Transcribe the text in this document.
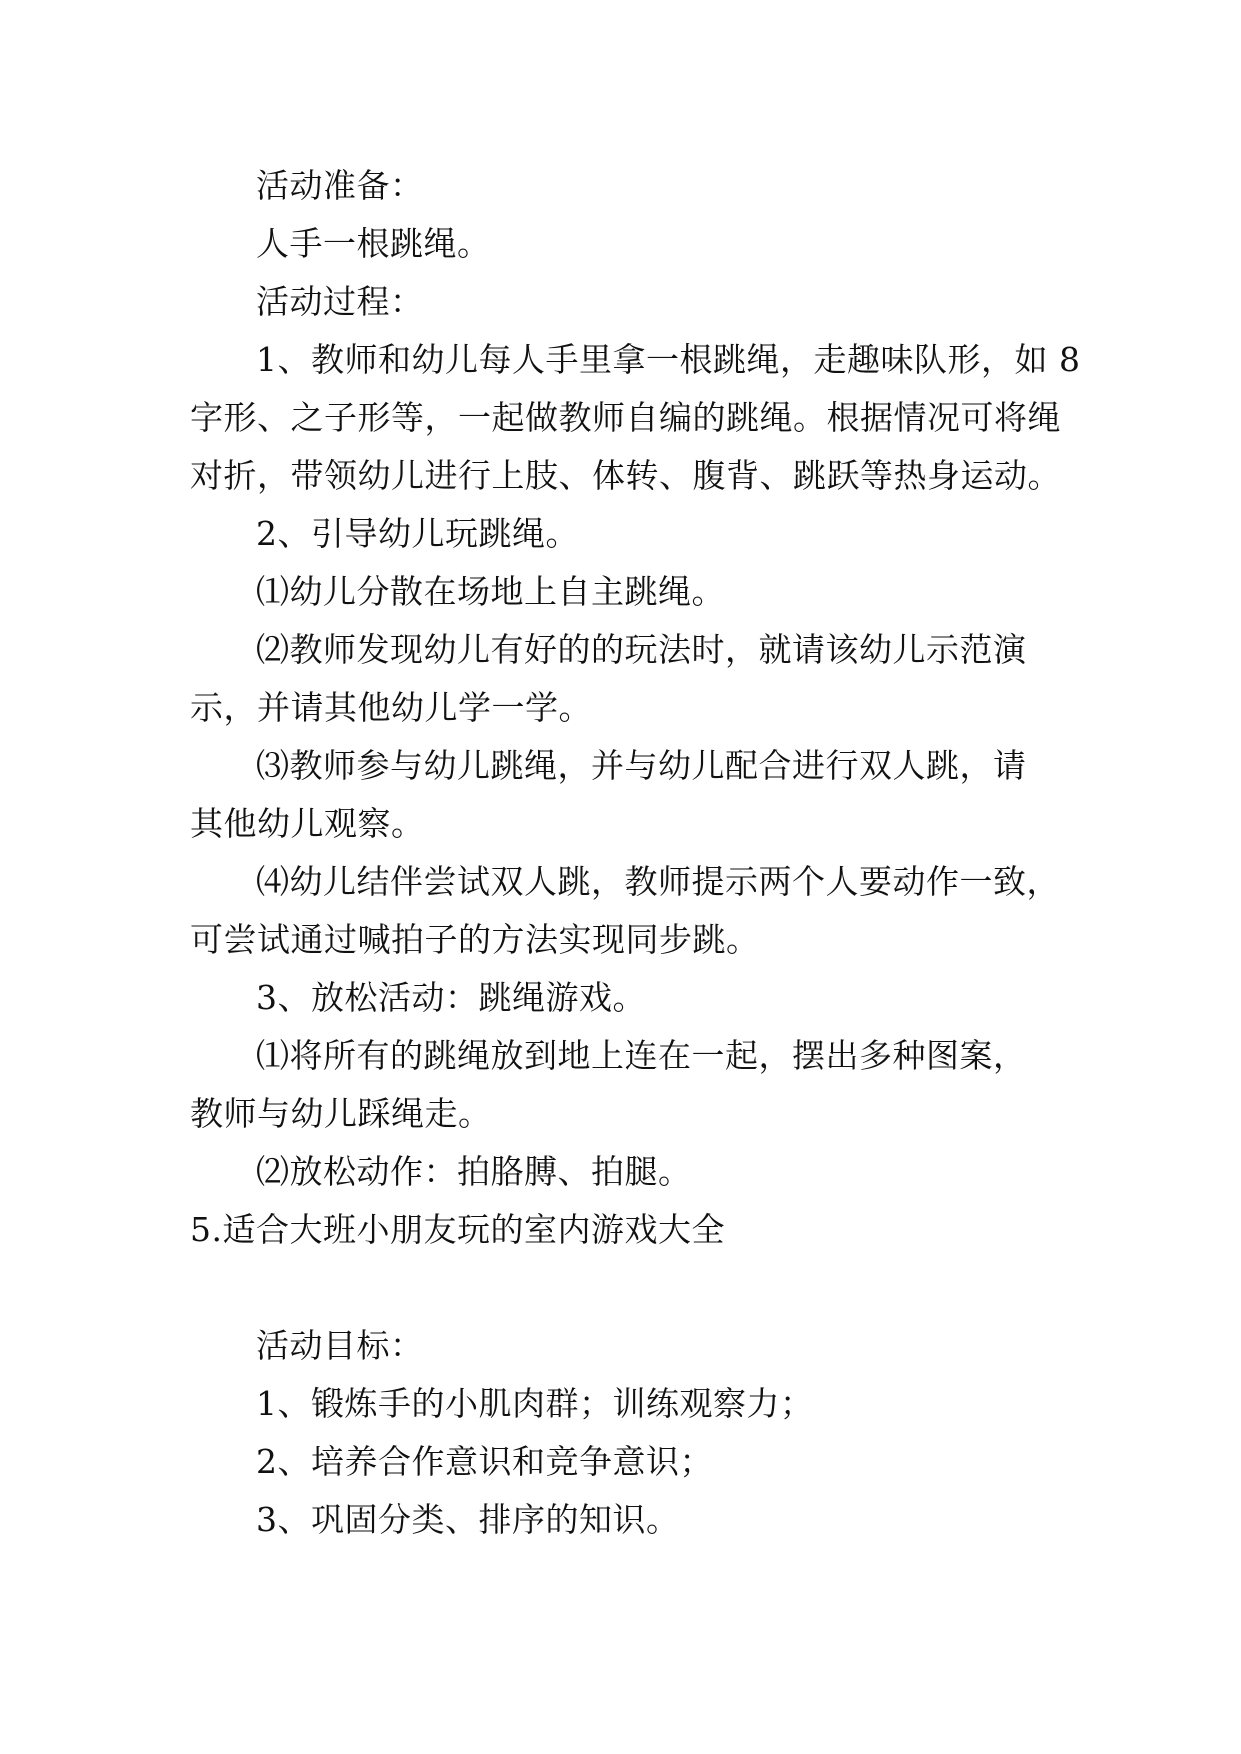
活动准备：
人手一根跳绳。
活动过程：
1、教师和幼儿每人手里拿一根跳绳，走趣味队形，如 8
字形、之子形等，一起做教师自编的跳绳。根据情况可将绳
对折，带领幼儿进行上肢、体转、腹背、跳跃等热身运动。
2、引导幼儿玩跳绳。
⑴幼儿分散在场地上自主跳绳。
⑵教师发现幼儿有好的的玩法时，就请该幼儿示范演
示，并请其他幼儿学一学。
⑶教师参与幼儿跳绳，并与幼儿配合进行双人跳，请
其他幼儿观察。
⑷幼儿结伴尝试双人跳，教师提示两个人要动作一致，
可尝试通过喊拍子的方法实现同步跳。
3、放松活动：跳绳游戏。
⑴将所有的跳绳放到地上连在一起，摆出多种图案，
教师与幼儿踩绳走。
⑵放松动作：拍胳膊、拍腿。
5.适合大班小朋友玩的室内游戏大全
活动目标：
1、锻炼手的小肌肉群；训练观察力；
2、培养合作意识和竞争意识；
3、巩固分类、排序的知识。
